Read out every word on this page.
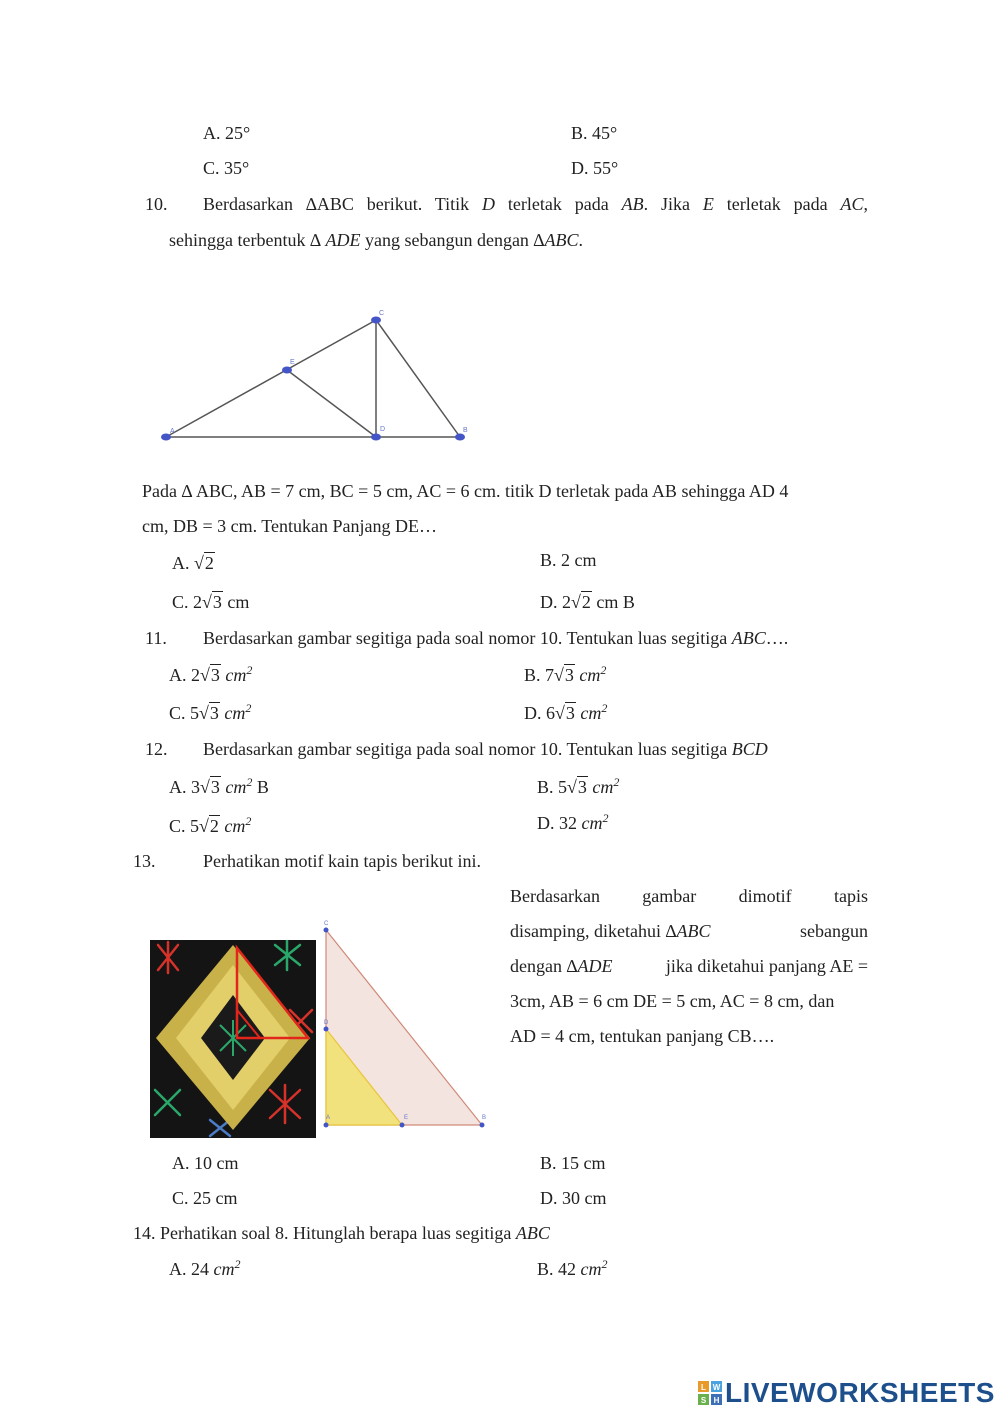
A. 25°	B. 45°
C. 35°	D. 55°
10. Berdasarkan ∆ABC berikut. Titik D terletak pada AB. Jika E terletak pada AC,
sehingga terbentuk ∆ ADE yang sebangun dengan ∆ABC.
A
C
B
D
E
Pada ∆ ABC, AB = 7 cm, BC = 5 cm, AC = 6 cm. titik D terletak pada AB sehingga AD 4
cm, DB = 3 cm. Tentukan Panjang DE…
A. √2	B. 2 cm
C. 2√3 cm	D. 2√2 cm B
11. Berdasarkan gambar segitiga pada soal nomor 10. Tentukan luas segitiga ABC….
A. 2√3 $cm^2$	B. 7√3 $cm^2$
C. 5√3 $cm^2$	D. 6√3 $cm^2$
12. Berdasarkan gambar segitiga pada soal nomor 10. Tentukan luas segitiga BCD
A. 3√3 $cm^2$ B	B. 5√3 $cm^2$
C. 5√2 $cm^2$	D. 32 $cm^2$
13.	Perhatikan motif kain tapis berikut ini.
C
D
A	E	B
Berdasarkan gambar dimotif tapis
disamping, diketahui ∆ABC	sebangun
dengan ∆ADE	jika diketahui panjang AE =
3cm, AB = 6 cm DE = 5 cm, AC = 8 cm, dan
AD = 4 cm, tentukan panjang CB….
A. 10 cm	B. 15 cm
C. 25 cm	D. 30 cm
14. Perhatikan soal 8. Hitunglah berapa luas segitiga ABC
A. 24 $cm^2$	B. 42 $cm^2$
L W
S H LIVEWORKSHEETS
